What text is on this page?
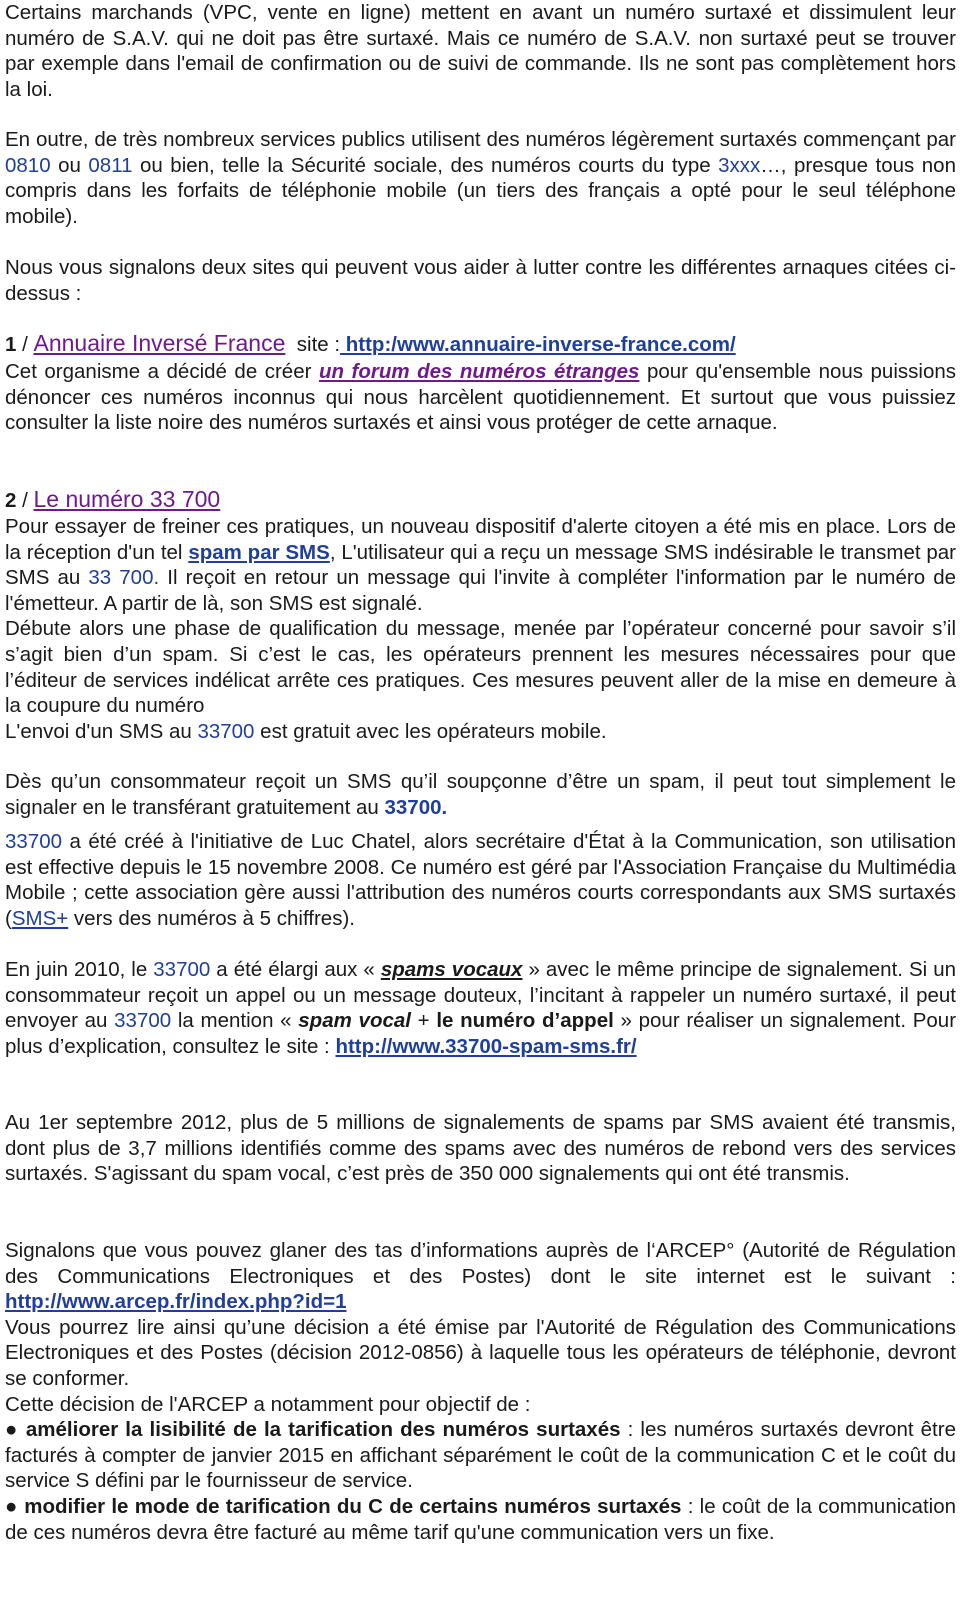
Certains marchands (VPC, vente en ligne) mettent en avant un numéro surtaxé et dissimulent leur numéro de S.A.V. qui ne doit pas être surtaxé. Mais ce numéro de S.A.V. non surtaxé peut se trouver par exemple dans l'email de confirmation ou de suivi de commande. Ils ne sont pas complètement hors la loi.

En outre, de très nombreux services publics utilisent des numéros légèrement surtaxés commençant par 0810 ou 0811 ou bien, telle la Sécurité sociale, des numéros courts du type 3xxx…, presque tous non compris dans les forfaits de téléphonie mobile (un tiers des français a opté pour le seul téléphone mobile).

Nous vous signalons deux sites qui peuvent vous aider à lutter contre les différentes arnaques citées ci-dessus :

1 / Annuaire Inversé France site : http:/www.annuaire-inverse-france.com/

Cet organisme a décidé de créer un forum des numéros étranges pour qu'ensemble nous puissions dénoncer ces numéros inconnus qui nous harcèlent quotidiennement. Et surtout que vous puissiez consulter la liste noire des numéros surtaxés et ainsi vous protéger de cette arnaque.

2 / Le numéro 33 700

Pour essayer de freiner ces pratiques, un nouveau dispositif d'alerte citoyen a été mis en place. Lors de la réception d'un tel spam par SMS, L'utilisateur qui a reçu un message SMS indésirable le transmet par SMS au 33 700. Il reçoit en retour un message qui l'invite à compléter l'information par le numéro de l'émetteur. A partir de là, son SMS est signalé.
Débute alors une phase de qualification du message, menée par l’opérateur concerné pour savoir s’il s’agit bien d’un spam. Si c’est le cas, les opérateurs prennent les mesures nécessaires pour que l’éditeur de services indélicat arrête ces pratiques. Ces mesures peuvent aller de la mise en demeure à la coupure du numéro
L'envoi d'un SMS au 33700 est gratuit avec les opérateurs mobile.

Dès qu’un consommateur reçoit un SMS qu’il soupçonne d’être un spam, il peut tout simplement le signaler en le transférant gratuitement au 33700.

33700 a été créé à l'initiative de Luc Chatel, alors secrétaire d'État à la Communication, son utilisation est effective depuis le 15 novembre 2008. Ce numéro est géré par l'Association Française du Multimédia Mobile ; cette association gère aussi l'attribution des numéros courts correspondants aux SMS surtaxés (SMS+ vers des numéros à 5 chiffres).

En juin 2010, le 33700 a été élargi aux « spams vocaux » avec le même principe de signalement. Si un consommateur reçoit un appel ou un message douteux, l’incitant à rappeler un numéro surtaxé, il peut envoyer au 33700 la mention « spam vocal + le numéro d’appel » pour réaliser un signalement. Pour plus d’explication, consultez le site : http://www.33700-spam-sms.fr/

Au 1er septembre 2012, plus de 5 millions de signalements de spams par SMS avaient été transmis, dont plus de 3,7 millions identifiés comme des spams avec des numéros de rebond vers des services surtaxés. S'agissant du spam vocal, c’est près de 350 000 signalements qui ont été transmis.

Signalons que vous pouvez glaner des tas d’informations auprès de l‘ARCEP° (Autorité de Régulation des Communications Electroniques et des Postes) dont le site internet est le suivant : http://www.arcep.fr/index.php?id=1
Vous pourrez lire ainsi qu’une décision a été émise par l'Autorité de Régulation des Communications Electroniques et des Postes (décision 2012-0856) à laquelle tous les opérateurs de téléphonie, devront se conformer.
Cette décision de l'ARCEP a notamment pour objectif de :
● améliorer la lisibilité de la tarification des numéros surtaxés : les numéros surtaxés devront être facturés à compter de janvier 2015 en affichant séparément le coût de la communication C et le coût du service S défini par le fournisseur de service.
● modifier le mode de tarification du C de certains numéros surtaxés : le coût de la communication de ces numéros devra être facturé au même tarif qu'une communication vers un fixe.
